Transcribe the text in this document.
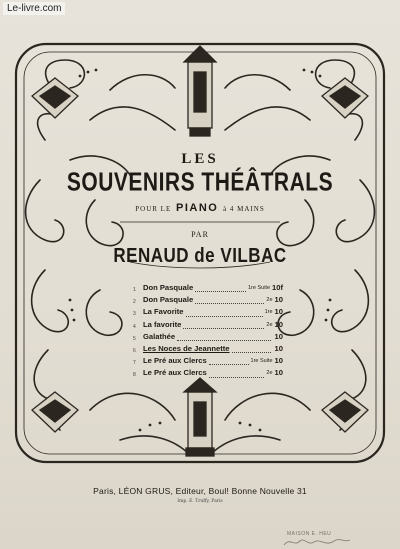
Le-livre.com
LES
SOUVENIRS THÉÂTRALS
POUR LE PIANO à 4 MAINS
PAR
RENAUD de VILBAC
1 Don Pasquale	1re Suite 10f
2 Don Pasquale	2e 10
3 La Favorite	1re 10
4 La favorite	2e 10
5 Galathée	10
6 Les Noces de Jeannette	10
7 Le Pré aux Clercs	1re Suite 10
8 Le Pré aux Clercs	2e 10
Paris, LÉON GRUS, Editeur, Boul! Bonne Nouvelle 31
Imp. E. Truffy, Paris
MAISON E. HEU
